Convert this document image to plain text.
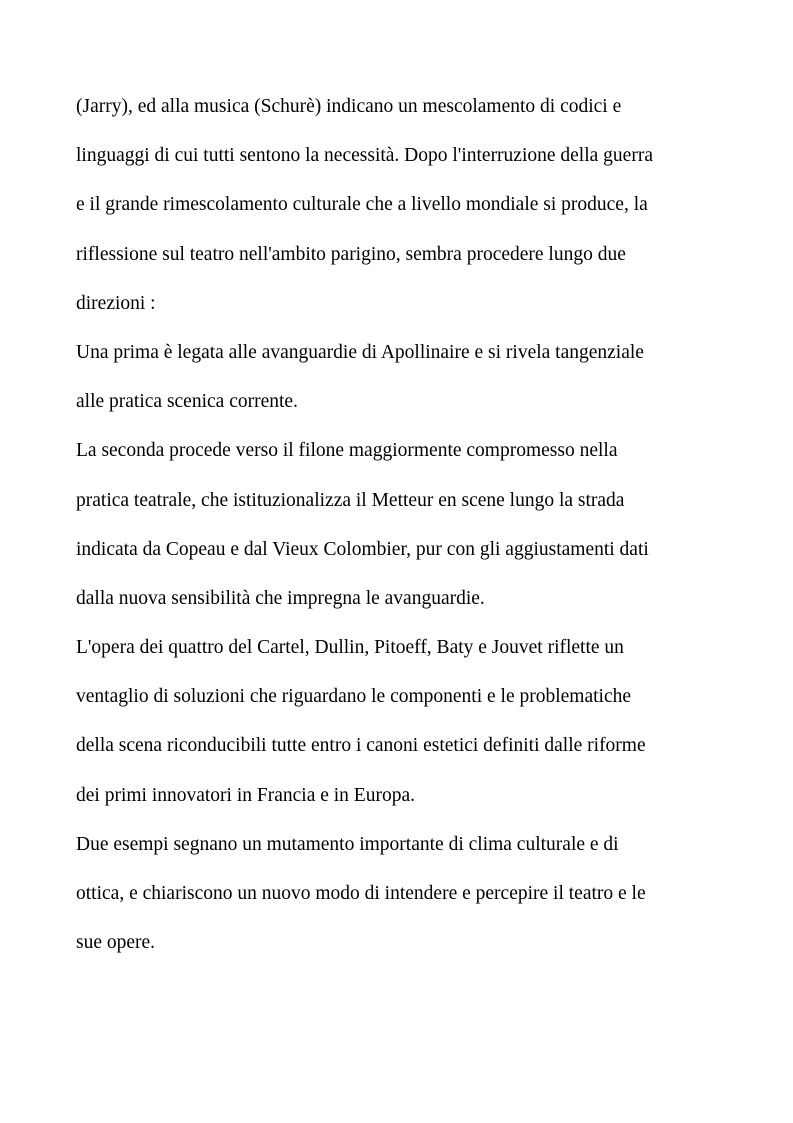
(Jarry), ed alla musica (Schurè) indicano un mescolamento di codici e
linguaggi di cui tutti sentono la necessità. Dopo l'interruzione della guerra
e il grande rimescolamento culturale che a livello mondiale si produce, la
riflessione sul teatro nell'ambito parigino, sembra procedere lungo due
direzioni :
Una prima è legata alle avanguardie di Apollinaire e si rivela tangenziale
alle pratica scenica corrente.
La seconda procede verso il filone maggiormente compromesso nella
pratica teatrale, che istituzionalizza il Metteur en scene lungo la strada
indicata da Copeau e dal Vieux Colombier, pur con gli aggiustamenti dati
dalla nuova sensibilità che impregna le avanguardie.
L'opera dei quattro del Cartel, Dullin, Pitoeff, Baty e Jouvet riflette un
ventaglio di soluzioni che riguardano le componenti e le problematiche
della scena riconducibili tutte entro i canoni estetici definiti dalle riforme
dei primi innovatori in Francia e in Europa.
Due esempi segnano un mutamento importante di clima culturale e di
ottica, e chiariscono un nuovo modo di intendere e percepire il teatro e le
sue opere.
